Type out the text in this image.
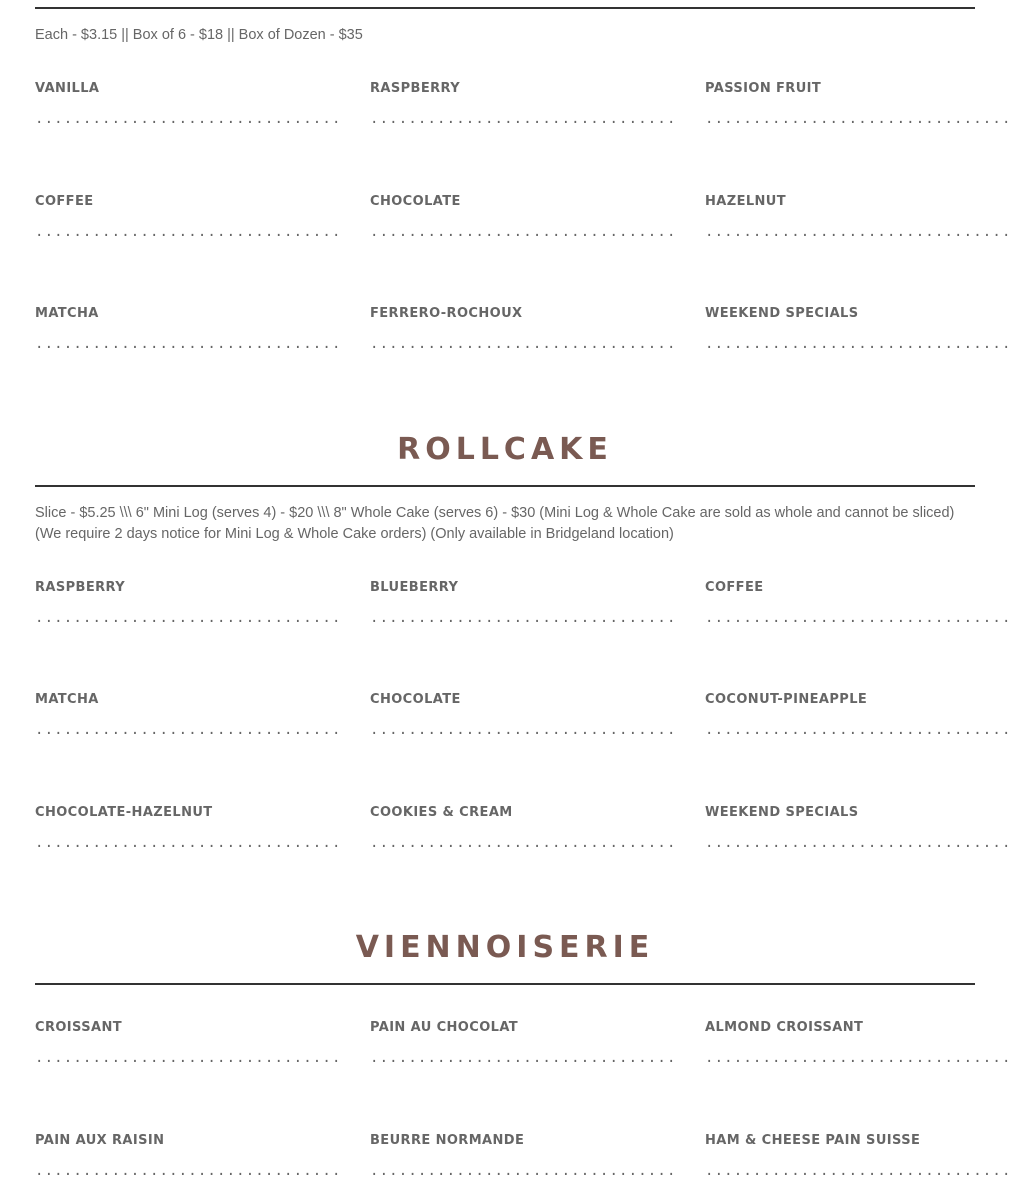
Each - $3.15 || Box of 6 - $18 || Box of Dozen - $35
VANILLA
................................
RASPBERRY
................................
PASSION FRUIT
................................
COFFEE
................................
CHOCOLATE
................................
HAZELNUT
................................
MATCHA
................................
FERRERO-ROCHOUX
................................
WEEKEND SPECIALS
................................
ROLLCAKE
Slice - $5.25 \\\ 6" Mini Log (serves 4) - $20 \\\ 8" Whole Cake (serves 6) - $30 (Mini Log & Whole Cake are sold as whole and cannot be sliced) (We require 2 days notice for Mini Log & Whole Cake orders) (Only available in Bridgeland location)
RASPBERRY
................................
BLUEBERRY
................................
COFFEE
................................
MATCHA
................................
CHOCOLATE
................................
COCONUT-PINEAPPLE
................................
CHOCOLATE-HAZELNUT
................................
COOKIES & CREAM
................................
WEEKEND SPECIALS
................................
VIENNOISERIE
CROISSANT
................................
PAIN AU CHOCOLAT
................................
ALMOND CROISSANT
................................
PAIN AUX RAISIN
................................
BEURRE NORMANDE
................................
HAM & CHEESE PAIN SUISSE
................................
